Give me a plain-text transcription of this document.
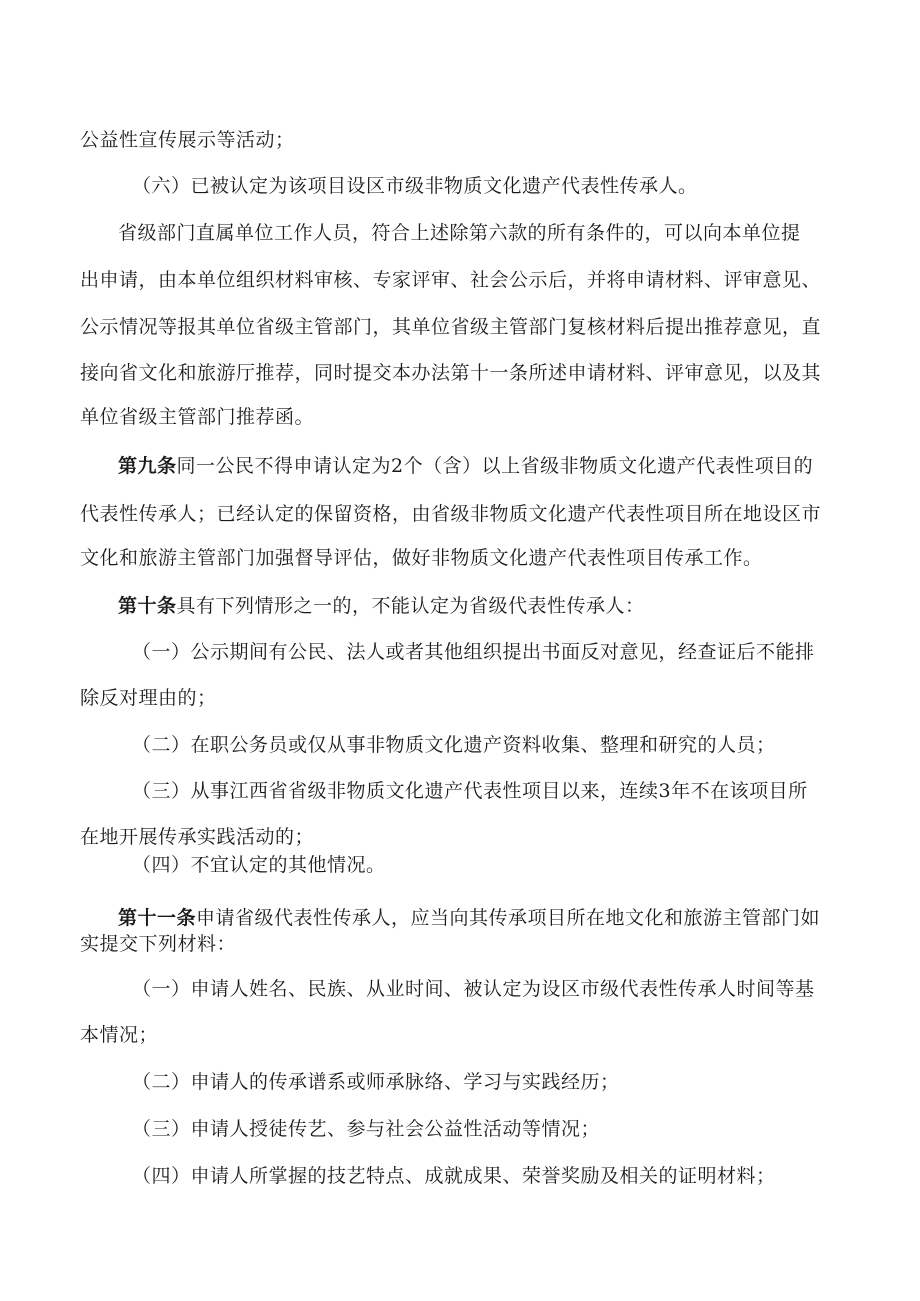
公益性宣传展示等活动；
（六）已被认定为该项目设区市级非物质文化遗产代表性传承人。
省级部门直属单位工作人员，符合上述除第六款的所有条件的，可以向本单位提
出申请，由本单位组织材料审核、专家评审、社会公示后，并将申请材料、评审意见、
公示情况等报其单位省级主管部门，其单位省级主管部门复核材料后提出推荐意见，直
接向省文化和旅游厅推荐，同时提交本办法第十一条所述申请材料、评审意见，以及其
单位省级主管部门推荐函。
第九条同一公民不得申请认定为2个（含）以上省级非物质文化遗产代表性项目的
代表性传承人；已经认定的保留资格，由省级非物质文化遗产代表性项目所在地设区市
文化和旅游主管部门加强督导评估，做好非物质文化遗产代表性项目传承工作。
第十条具有下列情形之一的，不能认定为省级代表性传承人：
（一）公示期间有公民、法人或者其他组织提出书面反对意见，经查证后不能排
除反对理由的；
（二）在职公务员或仅从事非物质文化遗产资料收集、整理和研究的人员；
（三）从事江西省省级非物质文化遗产代表性项目以来，连续3年不在该项目所
在地开展传承实践活动的；
（四）不宜认定的其他情况。
第十一条申请省级代表性传承人，应当向其传承项目所在地文化和旅游主管部门如
实提交下列材料：
（一）申请人姓名、民族、从业时间、被认定为设区市级代表性传承人时间等基
本情况；
（二）申请人的传承谱系或师承脉络、学习与实践经历；
（三）申请人授徒传艺、参与社会公益性活动等情况；
（四）申请人所掌握的技艺特点、成就成果、荣誉奖励及相关的证明材料；
